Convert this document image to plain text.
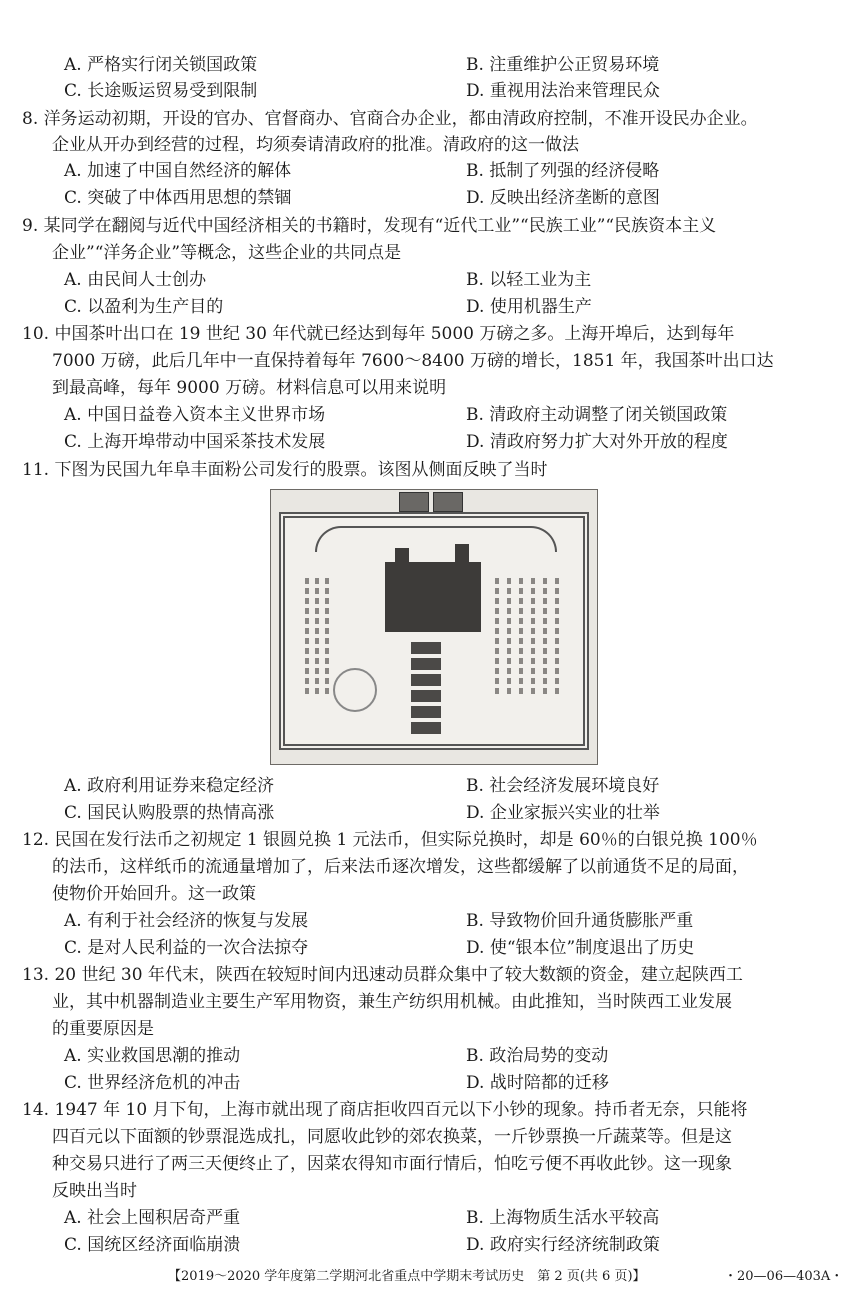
A. 严格实行闭关锁国政策	B. 注重维护公正贸易环境
C. 长途贩运贸易受到限制	D. 重视用法治来管理民众
8. 洋务运动初期，开设的官办、官督商办、官商合办企业，都由清政府控制，不准开设民办企业。
企业从开办到经营的过程，均须奏请清政府的批准。清政府的这一做法
A. 加速了中国自然经济的解体	B. 抵制了列强的经济侵略
C. 突破了中体西用思想的禁锢	D. 反映出经济垄断的意图
9. 某同学在翻阅与近代中国经济相关的书籍时，发现有“近代工业”“民族工业”“民族资本主义
企业”“洋务企业”等概念，这些企业的共同点是
A. 由民间人士创办	B. 以轻工业为主
C. 以盈利为生产目的	D. 使用机器生产
10. 中国茶叶出口在 19 世纪 30 年代就已经达到每年 5000 万磅之多。上海开埠后，达到每年
7000 万磅，此后几年中一直保持着每年 7600～8400 万磅的增长，1851 年，我国茶叶出口达
到最高峰，每年 9000 万磅。材料信息可以用来说明
A. 中国日益卷入资本主义世界市场	B. 清政府主动调整了闭关锁国政策
C. 上海开埠带动中国采茶技术发展	D. 清政府努力扩大对外开放的程度
11. 下图为民国九年阜丰面粉公司发行的股票。该图从侧面反映了当时
A. 政府利用证券来稳定经济	B. 社会经济发展环境良好
C. 国民认购股票的热情高涨	D. 企业家振兴实业的壮举
12. 民国在发行法币之初规定 1 银圆兑换 1 元法币，但实际兑换时，却是 60％的白银兑换 100％
的法币，这样纸币的流通量增加了，后来法币逐次增发，这些都缓解了以前通货不足的局面，
使物价开始回升。这一政策
A. 有利于社会经济的恢复与发展	B. 导致物价回升通货膨胀严重
C. 是对人民利益的一次合法掠夺	D. 使“银本位”制度退出了历史
13. 20 世纪 30 年代末，陕西在较短时间内迅速动员群众集中了较大数额的资金，建立起陕西工
业，其中机器制造业主要生产军用物资，兼生产纺织用机械。由此推知，当时陕西工业发展
的重要原因是
A. 实业救国思潮的推动	B. 政治局势的变动
C. 世界经济危机的冲击	D. 战时陪都的迁移
14. 1947 年 10 月下旬，上海市就出现了商店拒收四百元以下小钞的现象。持币者无奈，只能将
四百元以下面额的钞票混选成扎，同愿收此钞的郊农换菜，一斤钞票换一斤蔬菜等。但是这
种交易只进行了两三天便终止了，因菜农得知市面行情后，怕吃亏便不再收此钞。这一现象
反映出当时
A. 社会上囤积居奇严重	B. 上海物质生活水平较高
C. 国统区经济面临崩溃	D. 政府实行经济统制政策
【2019～2020 学年度第二学期河北省重点中学期末考试历史　第 2 页(共 6 页)】	・20—06—403A・
